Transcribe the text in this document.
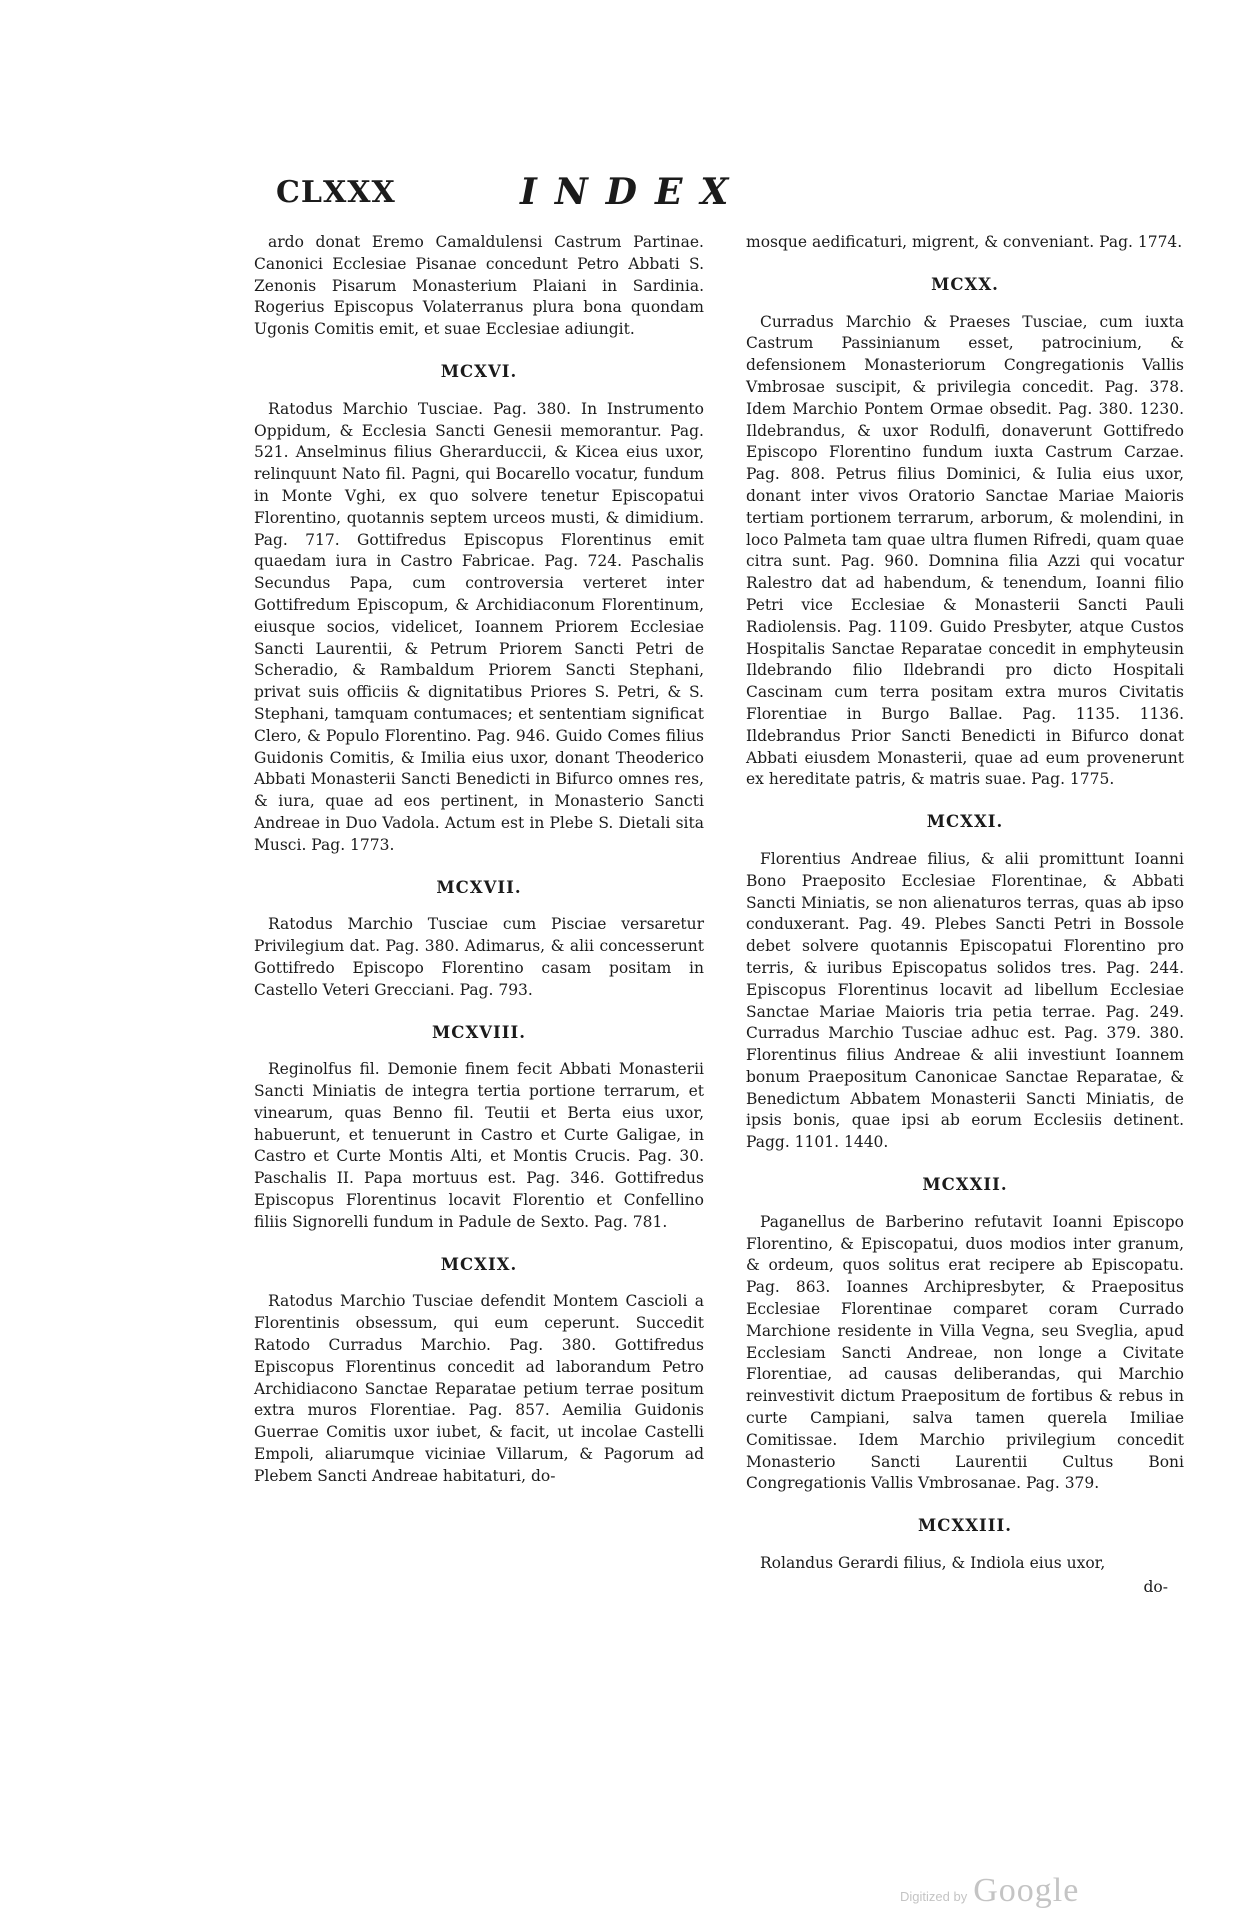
CLXXX	INDEX

ardo donat Eremo Camaldulensi Castrum Partinae. Canonici Ecclesiae Pisanae concedunt Petro Abbati S. Zenonis Pisarum Monasterium Plaiani in Sardinia. Rogerius Episcopus Volaterranus plura bona quondam Ugonis Comitis emit, et suae Ecclesiae adiungit.

MCXVI.

Ratodus Marchio Tusciae. Pag. 380. In Instrumento Oppidum, & Ecclesia Sancti Genesii memorantur. Pag. 521. Anselminus filius Gherarduccii, & Kicea eius uxor, relinquunt Nato fil. Pagni, qui Bocarello vocatur, fundum in Monte Vghi, ex quo solvere tenetur Episcopatui Florentino, quotannis septem urceos musti, & dimidium. Pag. 717. Gottifredus Episcopus Florentinus emit quaedam iura in Castro Fabricae. Pag. 724. Paschalis Secundus Papa, cum controversia verteret inter Gottifredum Episcopum, & Archidiaconum Florentinum, eiusque socios, videlicet, Ioannem Priorem Ecclesiae Sancti Laurentii, & Petrum Priorem Sancti Petri de Scheradio, & Rambaldum Priorem Sancti Stephani, privat suis officiis & dignitatibus Priores S. Petri, & S. Stephani, tamquam contumaces; et sententiam significat Clero, & Populo Florentino. Pag. 946. Guido Comes filius Guidonis Comitis, & Imilia eius uxor, donant Theoderico Abbati Monasterii Sancti Benedicti in Bifurco omnes res, & iura, quae ad eos pertinent, in Monasterio Sancti Andreae in Duo Vadola. Actum est in Plebe S. Dietali sita Musci. Pag. 1773.

MCXVII.

Ratodus Marchio Tusciae cum Pisciae versaretur Privilegium dat. Pag. 380. Adimarus, & alii concesserunt Gottifredo Episcopo Florentino casam positam in Castello Veteri Grecciani. Pag. 793.

MCXVIII.

Reginolfus fil. Demonie finem fecit Abbati Monasterii Sancti Miniatis de integra tertia portione terrarum, et vinearum, quas Benno fil. Teutii et Berta eius uxor, habuerunt, et tenuerunt in Castro et Curte Galigae, in Castro et Curte Montis Alti, et Montis Crucis. Pag. 30. Paschalis II. Papa mortuus est. Pag. 346. Gottifredus Episcopus Florentinus locavit Florentio et Confellino filiis Signorelli fundum in Padule de Sexto. Pag. 781.

MCXIX.

Ratodus Marchio Tusciae defendit Montem Cascioli a Florentinis obsessum, qui eum ceperunt. Succedit Ratodo Curradus Marchio. Pag. 380. Gottifredus Episcopus Florentinus concedit ad laborandum Petro Archidiacono Sanctae Reparatae petium terrae positum extra muros Florentiae. Pag. 857. Aemilia Guidonis Guerrae Comitis uxor iubet, & facit, ut incolae Castelli Empoli, aliarumque viciniae Villarum, & Pagorum ad Plebem Sancti Andreae habitaturi, do-

mosque aedificaturi, migrent, & conveniant. Pag. 1774.

MCXX.

Curradus Marchio & Praeses Tusciae, cum iuxta Castrum Passinianum esset, patrocinium, & defensionem Monasteriorum Congregationis Vallis Vmbrosae suscipit, & privilegia concedit. Pag. 378. Idem Marchio Pontem Ormae obsedit. Pag. 380. 1230. Ildebrandus, & uxor Rodulfi, donaverunt Gottifredo Episcopo Florentino fundum iuxta Castrum Carzae. Pag. 808. Petrus filius Dominici, & Iulia eius uxor, donant inter vivos Oratorio Sanctae Mariae Maioris tertiam portionem terrarum, arborum, & molendini, in loco Palmeta tam quae ultra flumen Rifredi, quam quae citra sunt. Pag. 960. Domnina filia Azzi qui vocatur Ralestro dat ad habendum, & tenendum, Ioanni filio Petri vice Ecclesiae & Monasterii Sancti Pauli Radiolensis. Pag. 1109. Guido Presbyter, atque Custos Hospitalis Sanctae Reparatae concedit in emphyteusin Ildebrando filio Ildebrandi pro dicto Hospitali Cascinam cum terra positam extra muros Civitatis Florentiae in Burgo Ballae. Pag. 1135. 1136. Ildebrandus Prior Sancti Benedicti in Bifurco donat Abbati eiusdem Monasterii, quae ad eum provenerunt ex hereditate patris, & matris suae. Pag. 1775.

MCXXI.

Florentius Andreae filius, & alii promittunt Ioanni Bono Praeposito Ecclesiae Florentinae, & Abbati Sancti Miniatis, se non alienaturos terras, quas ab ipso conduxerant. Pag. 49. Plebes Sancti Petri in Bossole debet solvere quotannis Episcopatui Florentino pro terris, & iuribus Episcopatus solidos tres. Pag. 244. Episcopus Florentinus locavit ad libellum Ecclesiae Sanctae Mariae Maioris tria petia terrae. Pag. 249. Curradus Marchio Tusciae adhuc est. Pag. 379. 380. Florentinus filius Andreae & alii investiunt Ioannem bonum Praepositum Canonicae Sanctae Reparatae, & Benedictum Abbatem Monasterii Sancti Miniatis, de ipsis bonis, quae ipsi ab eorum Ecclesiis detinent. Pagg. 1101. 1440.

MCXXII.

Paganellus de Barberino refutavit Ioanni Episcopo Florentino, & Episcopatui, duos modios inter granum, & ordeum, quos solitus erat recipere ab Episcopatu. Pag. 863. Ioannes Archipresbyter, & Praepositus Ecclesiae Florentinae comparet coram Currado Marchione residente in Villa Vegna, seu Sveglia, apud Ecclesiam Sancti Andreae, non longe a Civitate Florentiae, ad causas deliberandas, qui Marchio reinvestivit dictum Praepositum de fortibus & rebus in curte Campiani, salva tamen querela Imiliae Comitissae. Idem Marchio privilegium concedit Monasterio Sancti Laurentii Cultus Boni Congregationis Vallis Vmbrosanae. Pag. 379.

MCXXIII.

Rolandus Gerardi filius, & Indiola eius uxor,

do-
Digitized by Google
